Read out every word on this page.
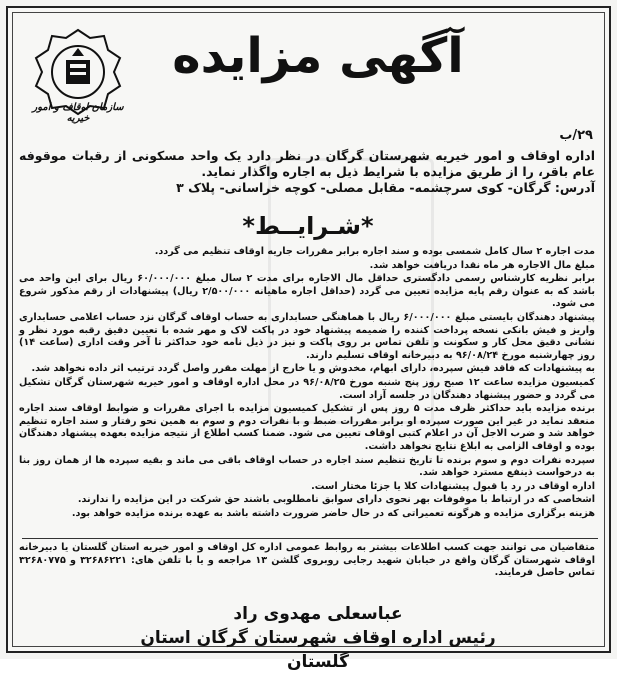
سازمان اوقاف و امور خیریه
آگهی مزایده
۲۹/ب
اداره اوقاف و امور خیریه شهرستان گرگان در نظر دارد یک واحد مسکونی از رقبات موقوفه عام باقر، را از طریق مزایده با شرایط ذیل به اجاره واگذار نماید.
آدرس: گرگان- کوی سرچشمه- مقابل مصلی- کوچه خراسانی- پلاک ۳
*شـرایــط*

مدت اجاره ۲ سال کامل شمسی بوده و سند اجاره برابر مقررات جاریه اوقاف تنظیم می گردد.

مبلغ مال الاجاره هر ماه نقدا دریافت خواهد شد.

برابر نظریه کارشناس رسمی دادگستری حداقل مال الاجاره برای مدت ۲ سال مبلغ ۶۰/۰۰۰/۰۰۰ ریال برای این واحد می باشد که به عنوان رقم پایه مزایده تعیین می گردد (حداقل اجاره ماهیانه ۲/۵۰۰/۰۰۰ ریال) پیشنهادات از رقم مذکور شروع می شود.

پیشنهاد دهندگان بایستی مبلغ ۶/۰۰۰/۰۰۰ ریال با هماهنگی حسابداری به حساب اوقاف گرگان نزد حساب اعلامی حسابداری واریز و فیش بانکی نسخه پرداخت کننده را ضمیمه پیشنهاد خود در پاکت لاک و مهر شده با تعیین دقیق رقبه مورد نظر و نشانی دقیق محل کار و سکونت و تلفن تماس بر روی پاکت و نیز در ذیل نامه خود حداکثر تا آخر وقت اداری (ساعت ۱۴) روز چهارشنبه مورخ ۹۶/۰۸/۲۴ به دبیرخانه اوقاف تسلیم دارند.

به پیشنهادات که فاقد فیش سپرده، دارای ابهام، مخدوش و یا خارج از مهلت مقرر واصل گردد ترتیب اثر داده نخواهد شد.

کمیسیون مزایده ساعت ۱۲ صبح روز پنج شنبه مورخ ۹۶/۰۸/۲۵ در محل اداره اوقاف و امور خیریه شهرستان گرگان تشکیل می گردد و حضور پیشنهاد دهندگان در جلسه آزاد است.

برنده مزایده باید حداکثر ظرف مدت ۵ روز پس از تشکیل کمیسیون مزایده با اجرای مقررات و ضوابط اوقاف سند اجاره منعقد نماید در غیر این صورت سپرده او برابر مقررات ضبط و با نفرات دوم و سوم به همین نحو رفتار و سند اجاره تنظیم خواهد شد و ضرب الاجل آن در اعلام کتبی اوقاف تعیین می شود. ضمنا کسب اطلاع از نتیجه مزایده بعهده پیشنهاد دهندگان بوده و اوقاف الزامی به ابلاغ نتایج نخواهد داشت.

سپرده نفرات دوم و سوم برنده تا تاریخ تنظیم سند اجاره در حساب اوقاف باقی می ماند و بقیه سپرده ها از همان روز بنا به درخواست ذینفع مسترد خواهد شد.

اداره اوقاف در رد یا قبول پیشنهادات کلا یا جزئا مختار است.

اشخاصی که در ارتباط با موقوفات بهر نحوی دارای سوابق نامطلوبی باشند حق شرکت در این مزایده را ندارند.

هزینه برگزاری مزایده و هرگونه تعمیراتی که در حال حاضر ضرورت داشته باشد به عهده برنده مزایده خواهد بود.

متقاضیان می توانند جهت کسب اطلاعات بیشتر به روابط عمومی اداره کل اوقاف و امور خیریه استان گلستان یا دبیرخانه اوقاف شهرستان گرگان واقع در خیابان شهید رجایی روبروی گلشن ۱۳ مراجعه و یا با تلفن های: ۳۲۶۸۶۲۲۱ و ۳۲۶۸۰۷۷۵ تماس حاصل فرمایند.
عباسعلی مهدوی راد
رئیس اداره اوقاف شهرستان گرگان استان گلستان
